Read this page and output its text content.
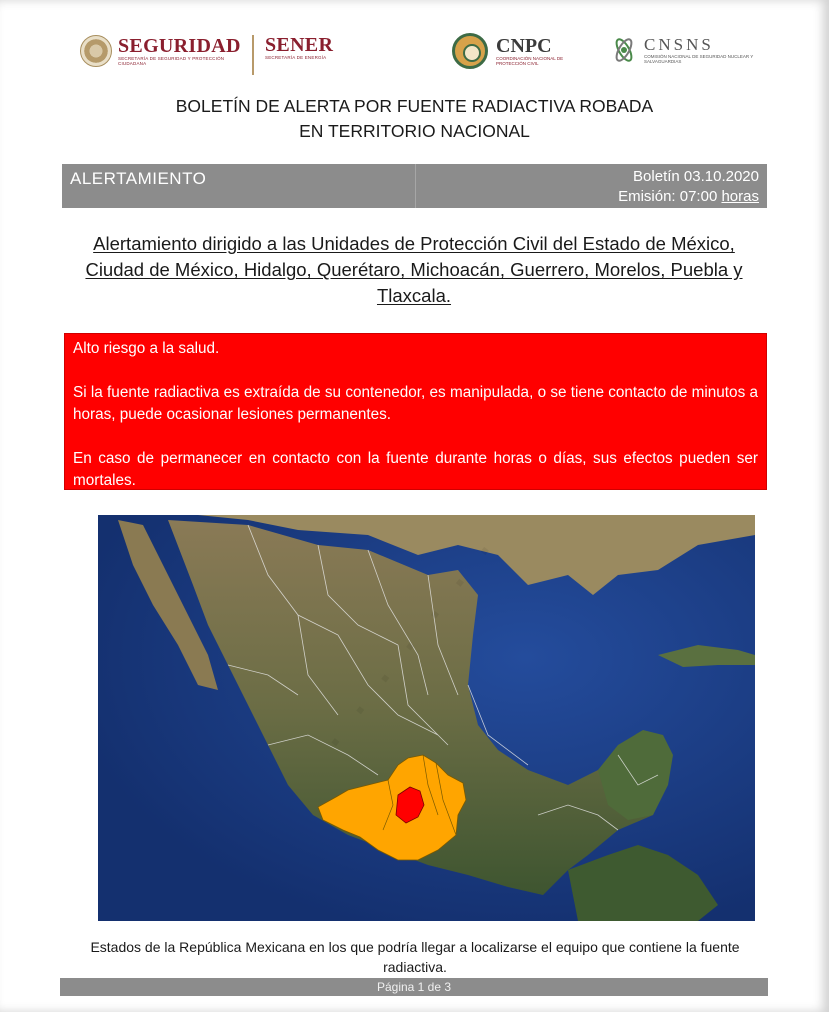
SEGURIDAD
SECRETARÍA DE SEGURIDAD Y PROTECCIÓN CIUDADANA
SENER
SECRETARÍA DE ENERGÍA
CNPC
COORDINACIÓN NACIONAL DE PROTECCIÓN CIVIL
CNSNS
COMISIÓN NACIONAL DE SEGURIDAD NUCLEAR Y SALVAGUARDIAS
BOLETÍN DE ALERTA POR FUENTE RADIACTIVA ROBADA
EN TERRITORIO NACIONAL
ALERTAMIENTO	Boletín 03.10.2020
Emisión: 07:00 horas
Alertamiento dirigido a las Unidades de Protección Civil del Estado de México, Ciudad de México, Hidalgo, Querétaro, Michoacán, Guerrero, Morelos, Puebla y Tlaxcala.

Alto riesgo a la salud.

Si la fuente radiactiva es extraída de su contenedor, es manipulada, o se tiene contacto de minutos a horas, puede ocasionar lesiones permanentes.

En caso de permanecer en contacto con la fuente durante horas o días, sus efectos pueden ser mortales.

Estados de la República Mexicana en los que podría llegar a localizarse el equipo que contiene la fuente radiactiva.
Página 1 de 3
